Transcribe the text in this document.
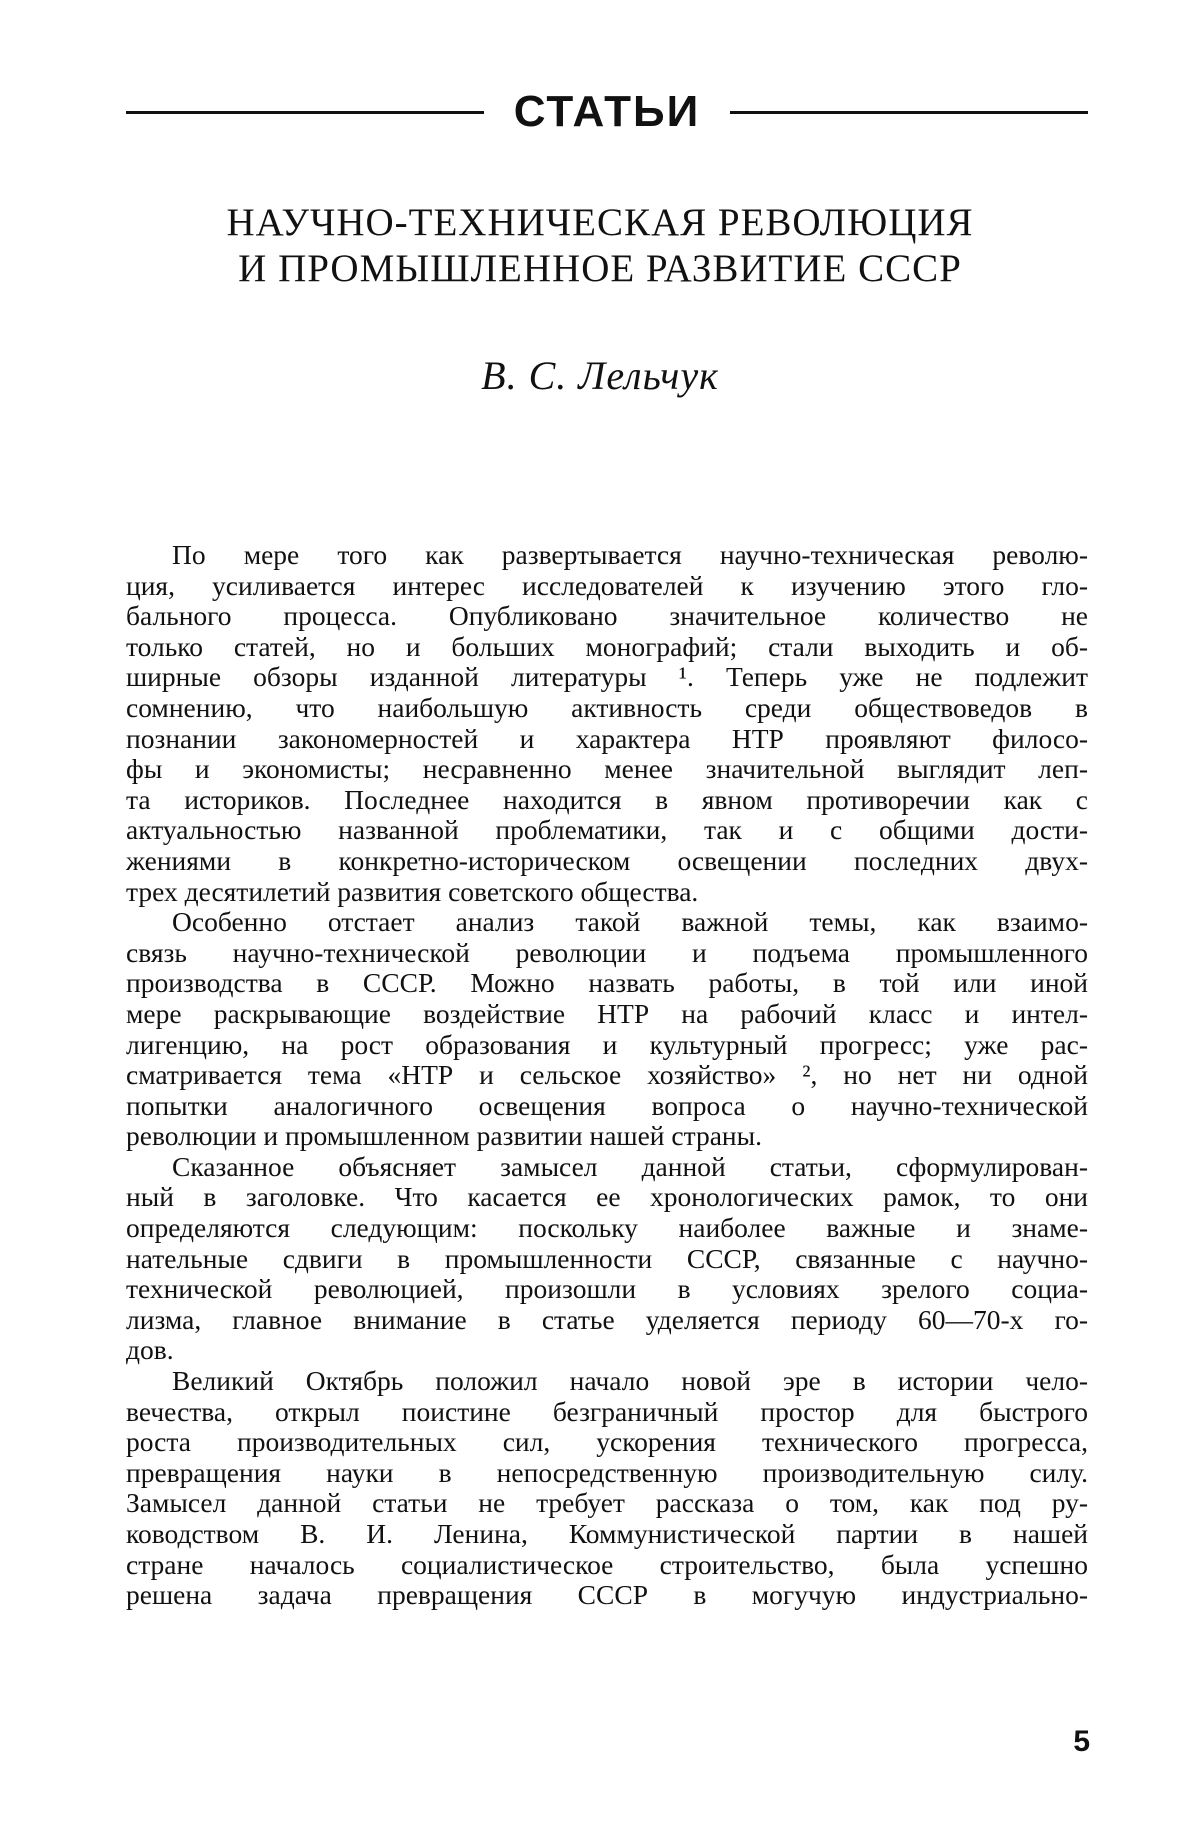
СТАТЬИ
НАУЧНО-ТЕХНИЧЕСКАЯ РЕВОЛЮЦИЯ
И ПРОМЫШЛЕННОЕ РАЗВИТИЕ СССР
В. С. Лельчук
По мере того как развертывается научно-техническая револю-
ция, усиливается интерес исследователей к изучению этого гло-
бального процесса. Опубликовано значительное количество не
только статей, но и больших монографий; стали выходить и об-
ширные обзоры изданной литературы ¹. Теперь уже не подлежит
сомнению, что наибольшую активность среди обществоведов в
познании закономерностей и характера НТР проявляют филосо-
фы и экономисты; несравненно менее значительной выглядит леп-
та историков. Последнее находится в явном противоречии как с
актуальностью названной проблематики, так и с общими дости-
жениями в конкретно-историческом освещении последних двух-
трех десятилетий развития советского общества.
Особенно отстает анализ такой важной темы, как взаимо-
связь научно-технической революции и подъема промышленного
производства в СССР. Можно назвать работы, в той или иной
мере раскрывающие воздействие НТР на рабочий класс и интел-
лигенцию, на рост образования и культурный прогресс; уже рас-
сматривается тема «НТР и сельское хозяйство» ², но нет ни одной
попытки аналогичного освещения вопроса о научно-технической
революции и промышленном развитии нашей страны.
Сказанное объясняет замысел данной статьи, сформулирован-
ный в заголовке. Что касается ее хронологических рамок, то они
определяются следующим: поскольку наиболее важные и знаме-
нательные сдвиги в промышленности СССР, связанные с научно-
технической революцией, произошли в условиях зрелого социа-
лизма, главное внимание в статье уделяется периоду 60—70-х го-
дов.
Великий Октябрь положил начало новой эре в истории чело-
вечества, открыл поистине безграничный простор для быстрого
роста производительных сил, ускорения технического прогресса,
превращения науки в непосредственную производительную силу.
Замысел данной статьи не требует рассказа о том, как под ру-
ководством В. И. Ленина, Коммунистической партии в нашей
стране началось социалистическое строительство, была успешно
решена задача превращения СССР в могучую индустриально-
5
